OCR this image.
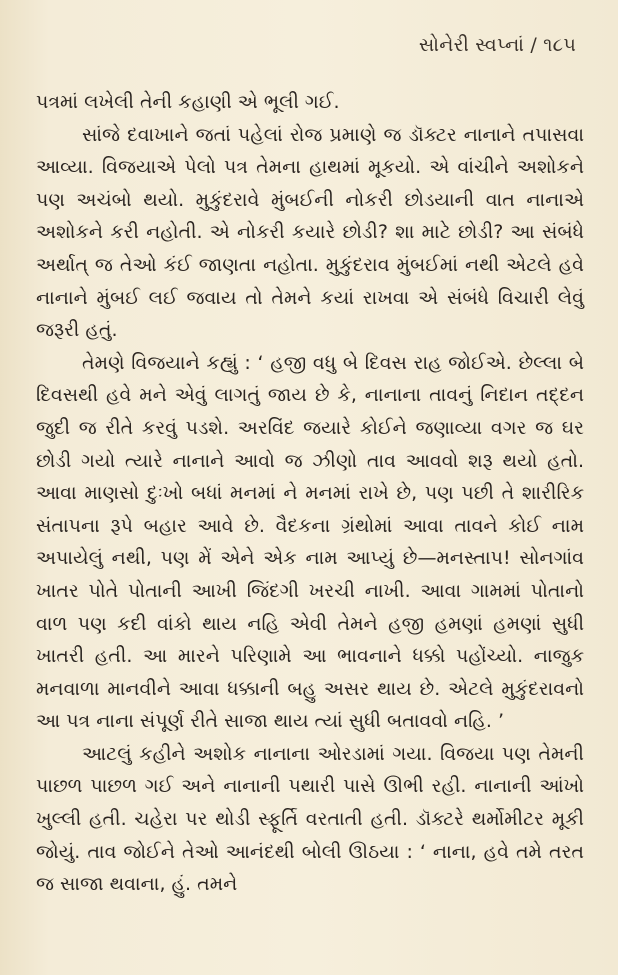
સોનેરી સ્વપ્નાં / ૧૮૫

પત્રમાં લખેલી તેની કહાણી એ ભૂલી ગઈ.

સાંજે દવાખાને જતાં પહેલાં રોજ પ્રમાણે જ ડૉક્ટર નાનાને તપાસવા આવ્યા. વિજયાએ પેલો પત્ર તેમના હાથમાં મૂકયો. એ વાંચીને અશોકને પણ અચંબો થયો. મુકુંદરાવે મુંબઈની નોકરી છોડયાની વાત નાનાએ અશોકને કરી નહોતી. એ નોકરી કયારે છોડી? શા માટે છોડી? આ સંબંધે અર્થાત્ જ તેઓ કંઈ જાણતા નહોતા. મુકુંદરાવ મુંબઈમાં નથી એટલે હવે નાનાને મુંબઈ લઈ જવાય તો તેમને કયાં રાખવા એ સંબંધે વિચારી લેવું જરૂરી હતું.

તેમણે વિજયાને કહ્યું : ‘ હજી વધુ બે દિવસ રાહ જોઈએ. છેલ્લા બે દિવસથી હવે મને એવું લાગતું જાય છે કે, નાનાના તાવનું નિદાન તદ્દન જુદી જ રીતે કરવું પડશે. અરવિંદ જયારે કોઈને જણાવ્યા વગર જ ઘર છોડી ગયો ત્યારે નાનાને આવો જ ઝીણો તાવ આવવો શરૂ થયો હતો. આવા માણસો દુઃખો બધાં મનમાં ને મનમાં રાખે છે, પણ પછી તે શારીરિક સંતાપના રૂપે બહાર આવે છે. વૈદકના ગ્રંથોમાં આવા તાવને કોઈ નામ અપાયેલું નથી, પણ મેં એને એક નામ આપ્યું છે—મનસ્તાપ! સોનગાંવ ખાતર પોતે પોતાની આખી જિંદગી ખરચી નાખી. આવા ગામમાં પોતાનો વાળ પણ કદી વાંકો થાય નહિ એવી તેમને હજી હમણાં હમણાં સુધી ખાતરી હતી. આ મારને પરિણામે આ ભાવનાને ધક્કો પહોંચ્યો. નાજુક મનવાળા માનવીને આવા ધક્કાની બહુ અસર થાય છે. એટલે મુકુંદરાવનો આ પત્ર નાના સંપૂર્ણ રીતે સાજા થાય ત્યાં સુધી બતાવવો નહિ. ’

આટલું કહીને અશોક નાનાના ઓરડામાં ગયા. વિજયા પણ તેમની પાછળ પાછળ ગઈ અને નાનાની પથારી પાસે ઊભી રહી. નાનાની આંખો ખુલ્લી હતી. ચહેરા પર થોડી સ્ફૂર્તિ વરતાતી હતી. ડૉક્ટરે થર્મોમીટર મૂકી જોયું. તાવ જોઈને તેઓ આનંદથી બોલી ઊઠયા : ‘ નાના, હવે તમે તરત જ સાજા થવાના, હું. તમને
